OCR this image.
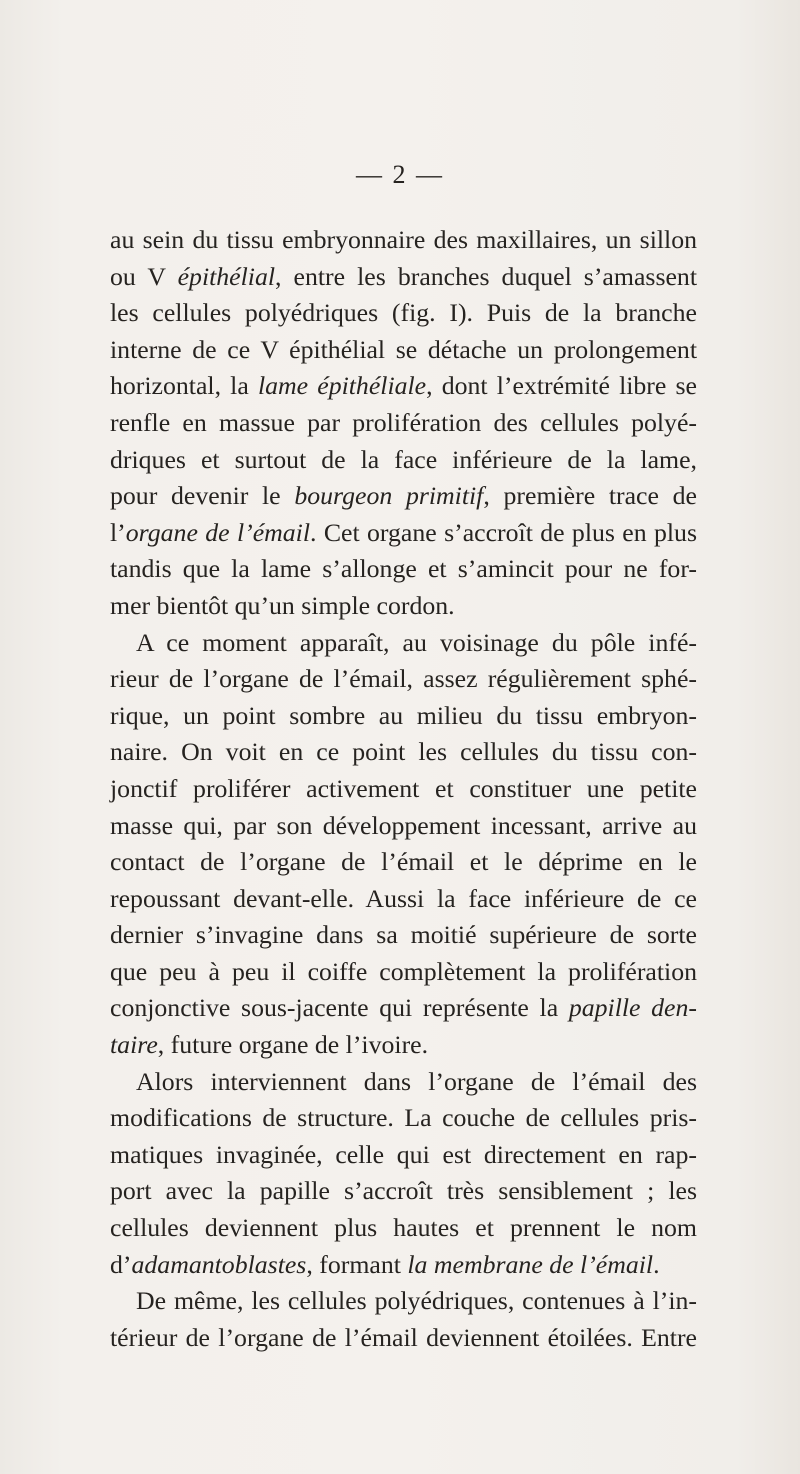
— 2 —
au sein du tissu embryonnaire des maxillaires, un sillon
ou V épithélial, entre les branches duquel s’amassent
les cellules polyédriques (fig. I). Puis de la branche
interne de ce V épithélial se détache un prolongement
horizontal, la lame épithéliale, dont l’extrémité libre se
renfle en massue par prolifération des cellules polyé-
driques et surtout de la face inférieure de la lame,
pour devenir le bourgeon primitif, première trace de
l’organe de l’émail. Cet organe s’accroît de plus en plus
tandis que la lame s’allonge et s’amincit pour ne for-
mer bientôt qu’un simple cordon.
A ce moment apparaît, au voisinage du pôle infé-
rieur de l’organe de l’émail, assez régulièrement sphé-
rique, un point sombre au milieu du tissu embryon-
naire. On voit en ce point les cellules du tissu con-
jonctif proliférer activement et constituer une petite
masse qui, par son développement incessant, arrive au
contact de l’organe de l’émail et le déprime en le
repoussant devant-elle. Aussi la face inférieure de ce
dernier s’invagine dans sa moitié supérieure de sorte
que peu à peu il coiffe complètement la prolifération
conjonctive sous-jacente qui représente la papille den-
taire, future organe de l’ivoire.
Alors interviennent dans l’organe de l’émail des
modifications de structure. La couche de cellules pris-
matiques invaginée, celle qui est directement en rap-
port avec la papille s’accroît très sensiblement ; les
cellules deviennent plus hautes et prennent le nom
d’adamantoblastes, formant la membrane de l’émail.
De même, les cellules polyédriques, contenues à l’in-
térieur de l’organe de l’émail deviennent étoilées. Entre
